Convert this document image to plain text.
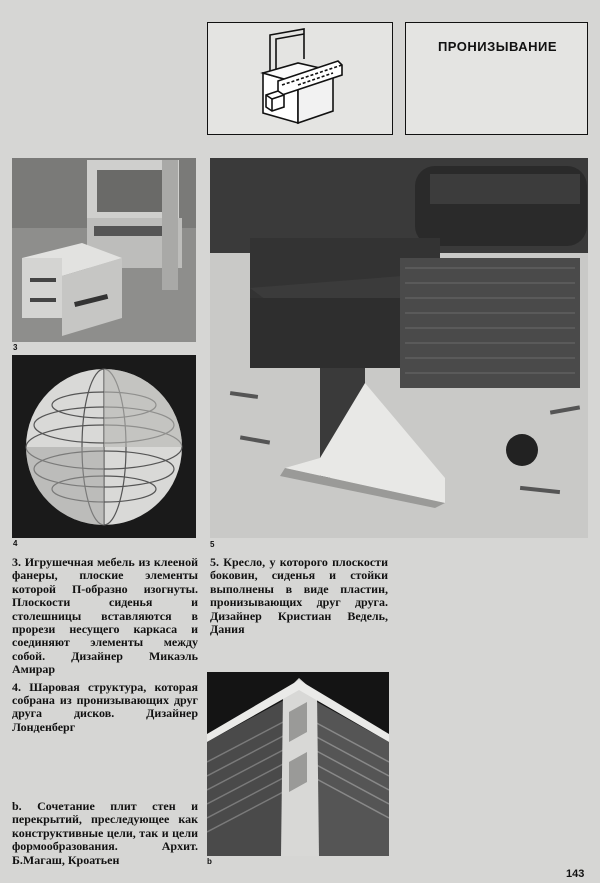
ПРОНИЗЫВАНИЕ
3
4	5

3. Игрушечная мебель из клееной фанеры, плоские элементы которой П-образно изогнуты. Плоскости сиденья и столешницы вставляются в прорези несущего каркаса и соединяют элементы между собой. Дизайнер Микаэль Амирар

4. Шаровая структура, которая собрана из пронизывающих друг друга дисков. Дизайнер Лонденберг

5. Кресло, у которого плоскости боковин, сиденья и стойки выполнены в виде пластин, пронизывающих друг друга. Дизайнер Кристиан Ведель, Дания
b
b. Сочетание плит стен и перекрытий, преследующее как конструктивные цели, так и цели формообразования. Архит. Б.Магаш, Кроатьен
143
